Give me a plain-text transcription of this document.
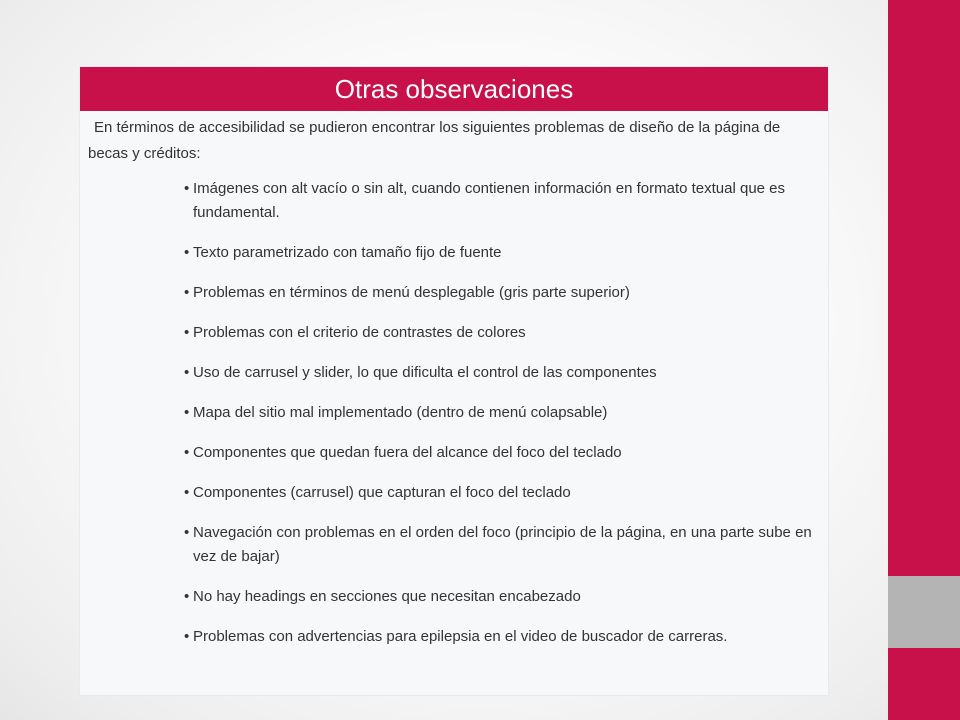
Otras observaciones
En términos de accesibilidad se pudieron encontrar los siguientes problemas de diseño de la página de becas y créditos:
• Imágenes con alt vacío o sin alt, cuando contienen información en formato textual que es fundamental.
• Texto parametrizado con tamaño fijo de fuente
• Problemas en términos de menú desplegable (gris parte superior)
• Problemas con el criterio de contrastes de colores
• Uso de carrusel y slider, lo que dificulta el control de las componentes
• Mapa del sitio mal implementado (dentro de menú colapsable)
• Componentes que quedan fuera del alcance del foco del teclado
• Componentes (carrusel) que capturan el foco del teclado
• Navegación con problemas en el orden del foco (principio de la página, en una parte sube en vez de bajar)
• No hay headings en secciones que necesitan encabezado
• Problemas con advertencias para epilepsia en el video de buscador de carreras.
